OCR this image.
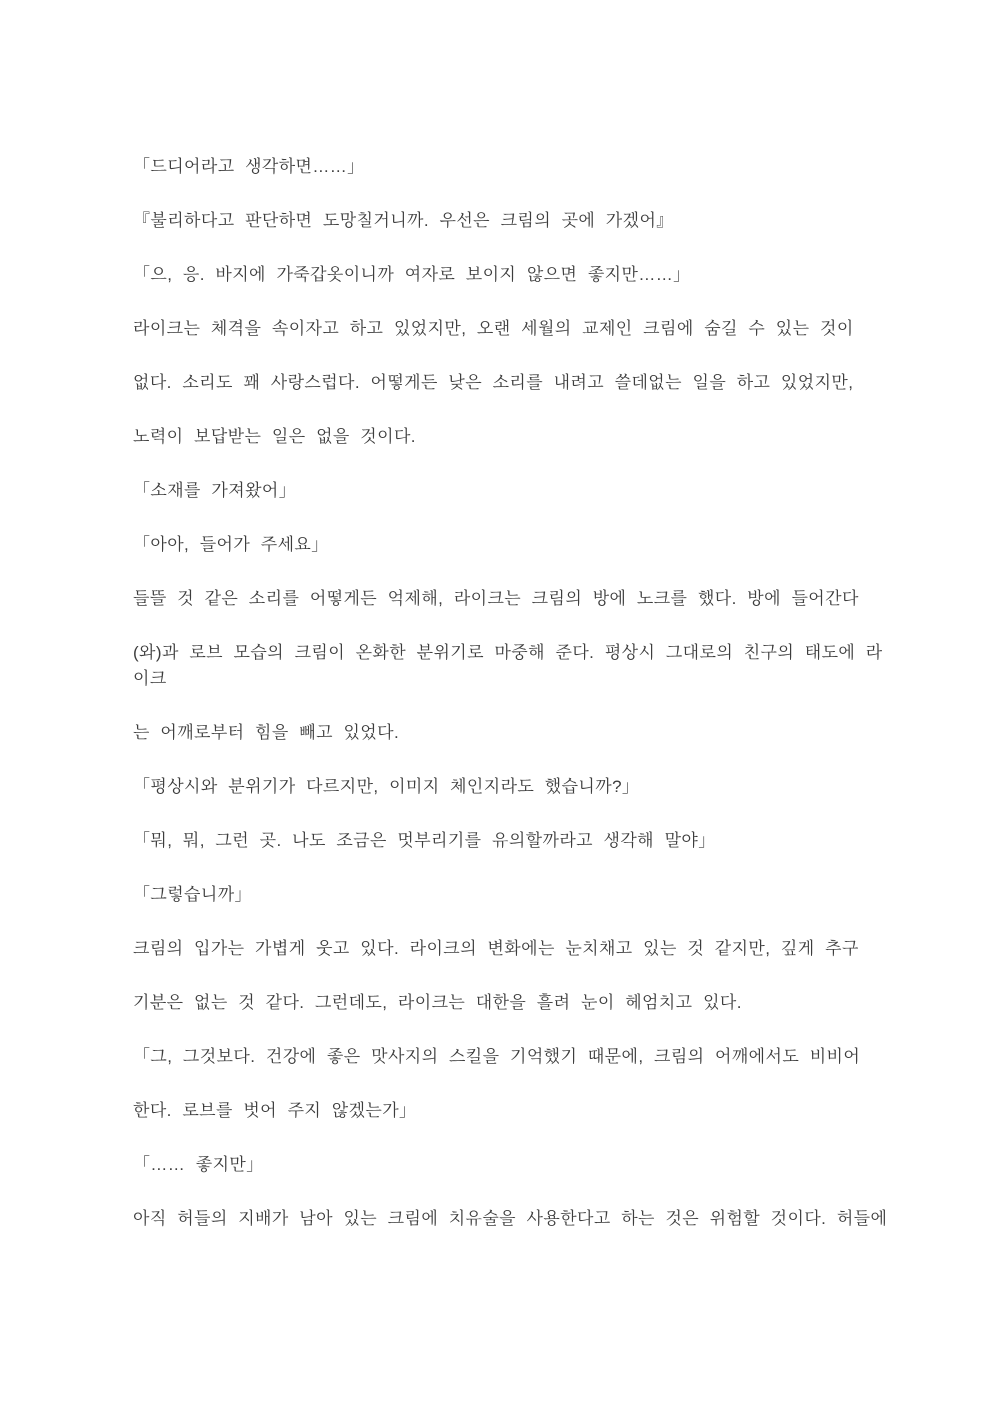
「드디어라고 생각하면……」
『불리하다고 판단하면 도망칠거니까. 우선은 크림의 곳에 가겠어』
「으, 응. 바지에 가죽갑옷이니까 여자로 보이지 않으면 좋지만……」
라이크는 체격을 속이자고 하고 있었지만, 오랜 세월의 교제인 크림에 숨길 수 있는 것이
없다. 소리도 꽤 사랑스럽다. 어떻게든 낮은 소리를 내려고 쓸데없는 일을 하고 있었지만,
노력이 보답받는 일은 없을 것이다.
「소재를 가져왔어」
「아아, 들어가 주세요」
들뜰 것 같은 소리를 어떻게든 억제해, 라이크는 크림의 방에 노크를 했다. 방에 들어간다
(와)과 로브 모습의 크림이 온화한 분위기로 마중해 준다. 평상시 그대로의 친구의 태도에 라
이크
는 어깨로부터 힘을 빼고 있었다.
「평상시와 분위기가 다르지만, 이미지 체인지라도 했습니까?」
「뭐, 뭐, 그런 곳. 나도 조금은 멋부리기를 유의할까라고 생각해 말야」
「그렇습니까」
크림의 입가는 가볍게 웃고 있다. 라이크의 변화에는 눈치채고 있는 것 같지만, 깊게 추구
기분은 없는 것 같다. 그런데도, 라이크는 대한을 흘려 눈이 헤엄치고 있다.
「그, 그것보다. 건강에 좋은 맛사지의 스킬을 기억했기 때문에, 크림의 어깨에서도 비비어
한다. 로브를 벗어 주지 않겠는가」
「…… 좋지만」
아직 허들의 지배가 남아 있는 크림에 치유술을 사용한다고 하는 것은 위험할 것이다. 허들에
